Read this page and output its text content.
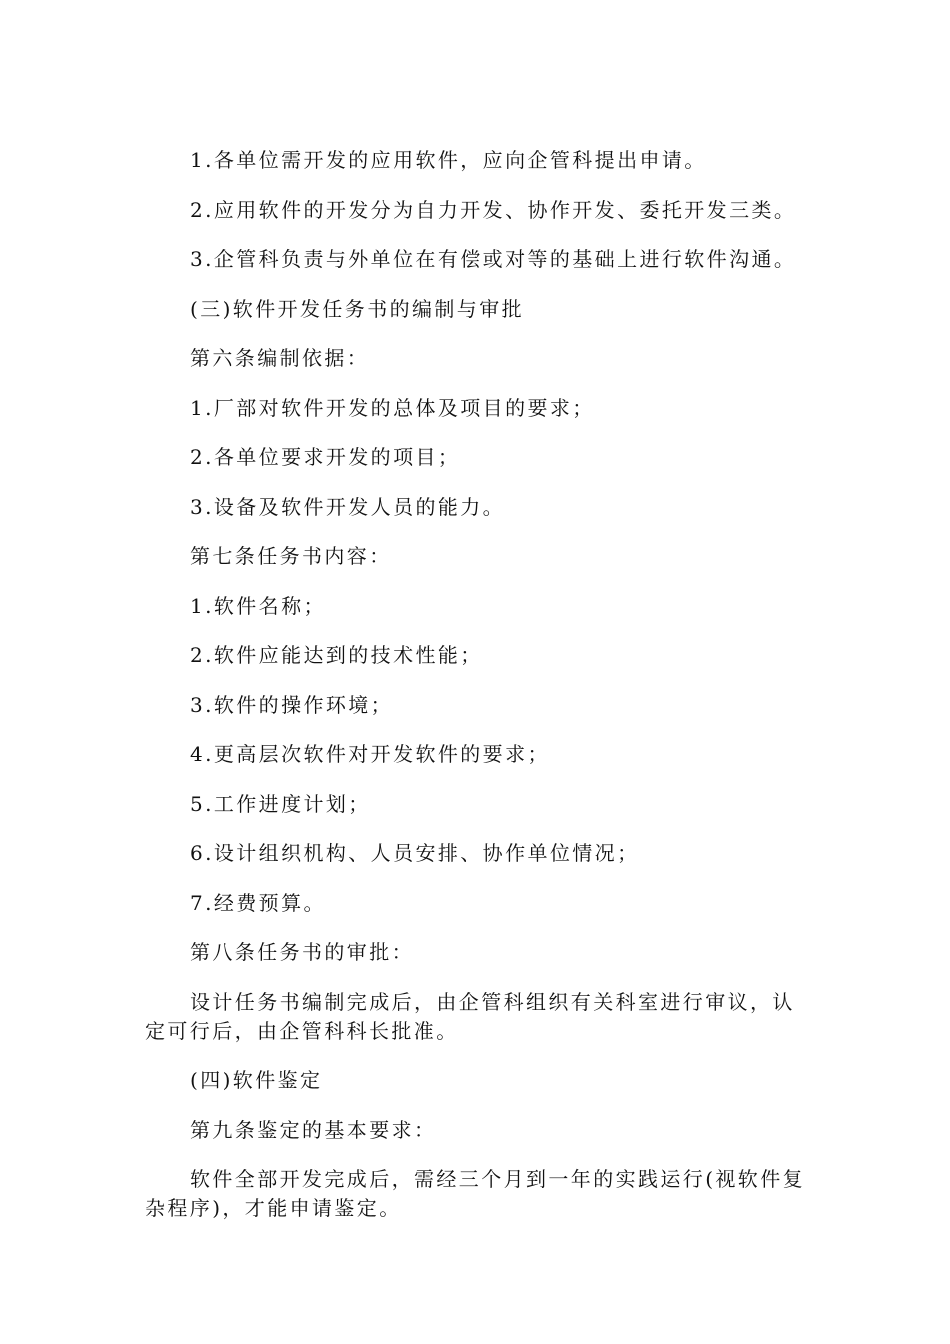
1.各单位需开发的应用软件，应向企管科提出申请。

2.应用软件的开发分为自力开发、协作开发、委托开发三类。

3.企管科负责与外单位在有偿或对等的基础上进行软件沟通。

(三)软件开发任务书的编制与审批

第六条编制依据：

1.厂部对软件开发的总体及项目的要求；

2.各单位要求开发的项目；

3.设备及软件开发人员的能力。

第七条任务书内容：

1.软件名称；

2.软件应能达到的技术性能；

3.软件的操作环境；

4.更高层次软件对开发软件的要求；

5.工作进度计划；

6.设计组织机构、人员安排、协作单位情况；

7.经费预算。

第八条任务书的审批：

设计任务书编制完成后，由企管科组织有关科室进行审议，认定可行后，由企管科科长批准。

(四)软件鉴定

第九条鉴定的基本要求：

软件全部开发完成后，需经三个月到一年的实践运行(视软件复杂程序)，才能申请鉴定。
